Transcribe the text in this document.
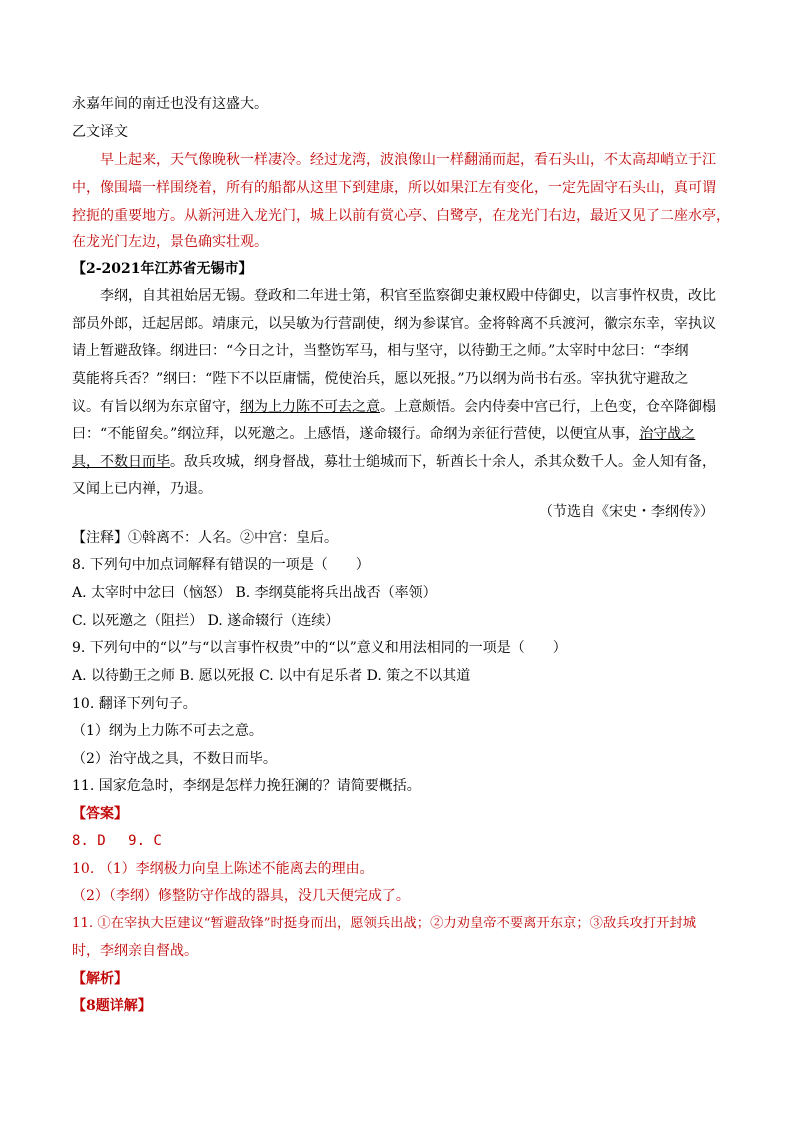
永嘉年间的南迁也没有这盛大。
乙文译文
早上起来，天气像晚秋一样凄冷。经过龙湾，波浪像山一样翻涌而起，看石头山，不太高却峭立于江
中，像围墙一样围绕着，所有的船都从这里下到建康，所以如果江左有变化，一定先固守石头山，真可谓
控扼的重要地方。从新河进入龙光门，城上以前有赏心亭、白鹭亭，在龙光门右边，最近又见了二座水亭，
在龙光门左边，景色确实壮观。
【2-2021年江苏省无锡市】
李纲，自其祖始居无锡。登政和二年进士第，积官至监察御史兼权殿中侍御史，以言事忤权贵，改比
部员外郎，迁起居郎。靖康元，以吴敏为行营副使，纲为参谋官。金将斡离不兵渡河，徽宗东幸，宰执议
请上暂避敌锋。纲进曰：“今日之计，当整饬军马，相与坚守，以待勤王之师。”太宰时中忿曰：“李纲
莫能将兵否？”纲曰：“陛下不以臣庸懦，傥使治兵，愿以死报。”乃以纲为尚书右丞。宰执犹守避敌之
议。有旨以纲为东京留守，纲为上力陈不可去之意。上意颇悟。会内侍奏中宫已行，上色变，仓卒降御榻
曰：“不能留矣。”纲泣拜，以死邀之。上感悟，遂命辍行。命纲为亲征行营使，以便宜从事，治守战之
具，不数日而毕。敌兵攻城，纲身督战，募壮士缒城而下，斩酋长十余人，杀其众数千人。金人知有备，
又闻上已内禅，乃退。
（节选自《宋史・李纲传》）
【注释】①斡离不：人名。②中宫：皇后。
8. 下列句中加点词解释有错误的一项是（　　）
A. 太宰时中忿曰（恼怒） B. 李纲莫能将兵出战否（率领）
C. 以死邀之（阻拦） D. 遂命辍行（连续）
9. 下列句中的“以”与“以言事忤权贵”中的“以”意义和用法相同的一项是（　　）
A. 以待勤王之师 B. 愿以死报 C. 以中有足乐者 D. 策之不以其道
10. 翻译下列句子。
（1）纲为上力陈不可去之意。
（2）治守战之具，不数日而毕。
11. 国家危急时，李纲是怎样力挽狂澜的？请简要概括。
【答案】
8. D　 9. C
10. （1）李纲极力向皇上陈述不能离去的理由。
（2）（李纲）修整防守作战的器具，没几天便完成了。
11. ①在宰执大臣建议“暂避敌锋”时挺身而出，愿领兵出战；②力劝皇帝不要离开东京；③敌兵攻打开封城
时，李纲亲自督战。
【解析】
【8题详解】
